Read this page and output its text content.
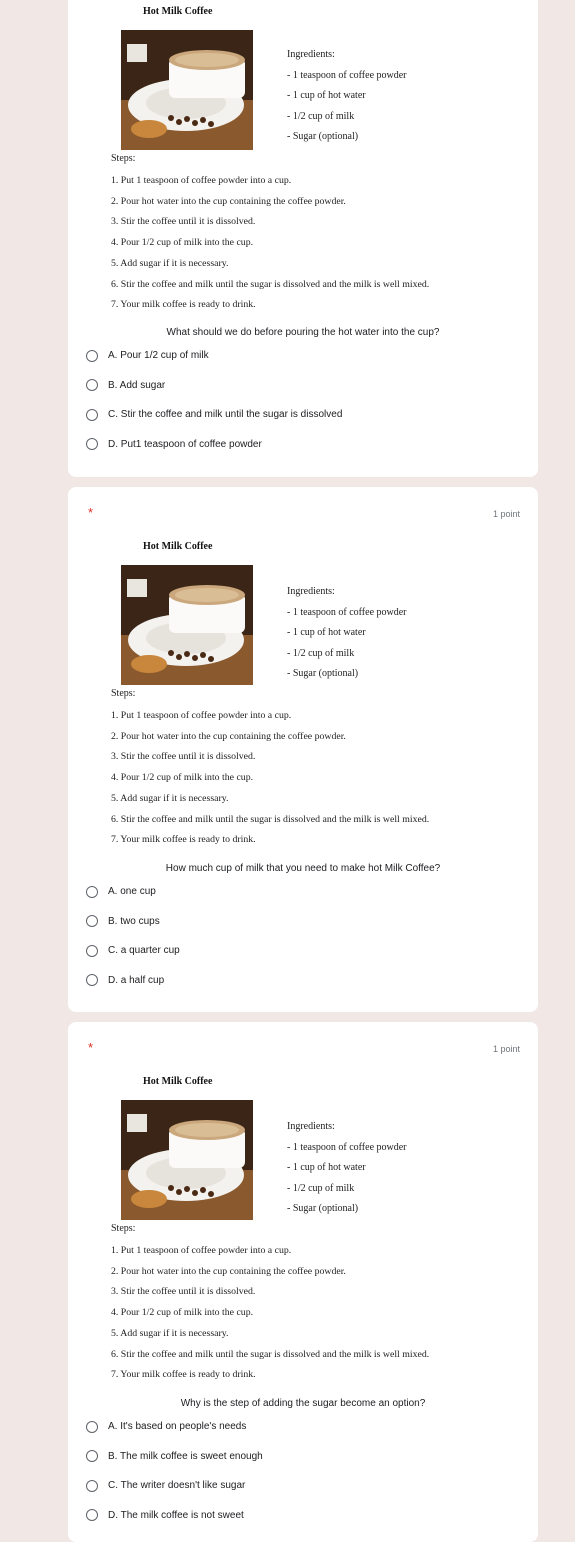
Hot Milk Coffee
Ingredients:
- 1 teaspoon of coffee powder
- 1 cup of hot water
- 1/2 cup of milk
- Sugar (optional)
Steps:
1. Put 1 teaspoon of coffee powder into a cup.
2. Pour hot water into the cup containing the coffee powder.
3. Stir the coffee until it is dissolved.
4. Pour 1/2 cup of milk into the cup.
5. Add sugar if it is necessary.
6. Stir the coffee and milk until the sugar is dissolved and the milk is well mixed.
7. Your milk coffee is ready to drink.
What should we do before pouring the hot water into the cup?
A. Pour 1/2 cup of milk
B. Add sugar
C. Stir the coffee and milk until the sugar is dissolved
D. Put1 teaspoon of coffee powder
*	1 point
Hot Milk Coffee
Ingredients:
- 1 teaspoon of coffee powder
- 1 cup of hot water
- 1/2 cup of milk
- Sugar (optional)
Steps:
1. Put 1 teaspoon of coffee powder into a cup.
2. Pour hot water into the cup containing the coffee powder.
3. Stir the coffee until it is dissolved.
4. Pour 1/2 cup of milk into the cup.
5. Add sugar if it is necessary.
6. Stir the coffee and milk until the sugar is dissolved and the milk is well mixed.
7. Your milk coffee is ready to drink.
How much cup of milk that you need to make hot Milk Coffee?
A. one cup
B. two cups
C. a quarter cup
D. a half cup
*	1 point
Hot Milk Coffee
Ingredients:
- 1 teaspoon of coffee powder
- 1 cup of hot water
- 1/2 cup of milk
- Sugar (optional)
Steps:
1. Put 1 teaspoon of coffee powder into a cup.
2. Pour hot water into the cup containing the coffee powder.
3. Stir the coffee until it is dissolved.
4. Pour 1/2 cup of milk into the cup.
5. Add sugar if it is necessary.
6. Stir the coffee and milk until the sugar is dissolved and the milk is well mixed.
7. Your milk coffee is ready to drink.
Why is the step of adding the sugar become an option?
A. It's based on people's needs
B. The milk coffee is sweet enough
C. The writer doesn't like sugar
D. The milk coffee is not sweet
